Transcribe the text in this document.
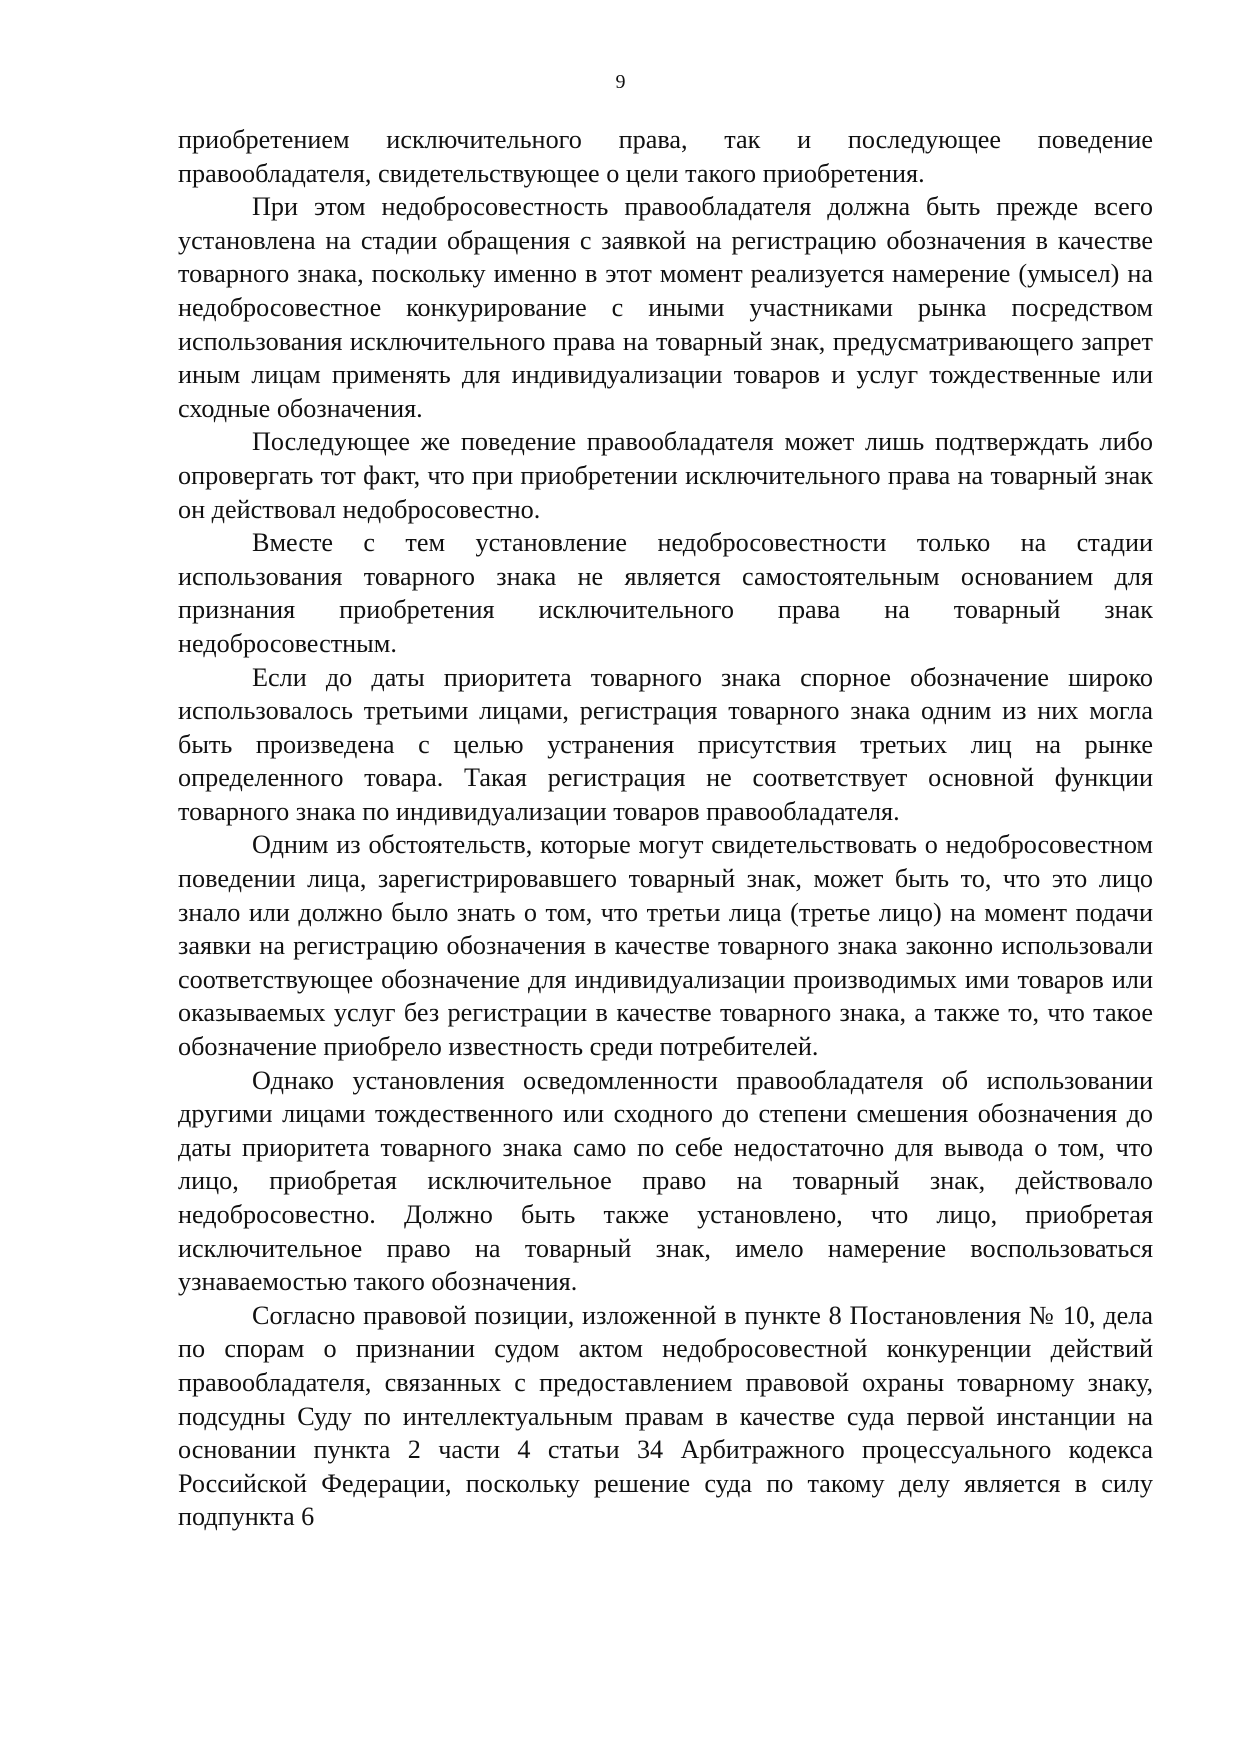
9

приобретением исключительного права, так и последующее поведение правообладателя, свидетельствующее о цели такого приобретения.

При этом недобросовестность правообладателя должна быть прежде всего установлена на стадии обращения с заявкой на регистрацию обозначения в качестве товарного знака, поскольку именно в этот момент реализуется намерение (умысел) на недобросовестное конкурирование с иными участниками рынка посредством использования исключительного права на товарный знак, предусматривающего запрет иным лицам применять для индивидуализации товаров и услуг тождественные или сходные обозначения.

Последующее же поведение правообладателя может лишь подтверждать либо опровергать тот факт, что при приобретении исключительного права на товарный знак он действовал недобросовестно.

Вместе с тем установление недобросовестности только на стадии использования товарного знака не является самостоятельным основанием для признания приобретения исключительного права на товарный знак недобросовестным.

Если до даты приоритета товарного знака спорное обозначение широко использовалось третьими лицами, регистрация товарного знака одним из них могла быть произведена с целью устранения присутствия третьих лиц на рынке определенного товара. Такая регистрация не соответствует основной функции товарного знака по индивидуализации товаров правообладателя.

Одним из обстоятельств, которые могут свидетельствовать о недобросовестном поведении лица, зарегистрировавшего товарный знак, может быть то, что это лицо знало или должно было знать о том, что третьи лица (третье лицо) на момент подачи заявки на регистрацию обозначения в качестве товарного знака законно использовали соответствующее обозначение для индивидуализации производимых ими товаров или оказываемых услуг без регистрации в качестве товарного знака, а также то, что такое обозначение приобрело известность среди потребителей.

Однако установления осведомленности правообладателя об использовании другими лицами тождественного или сходного до степени смешения обозначения до даты приоритета товарного знака само по себе недостаточно для вывода о том, что лицо, приобретая исключительное право на товарный знак, действовало недобросовестно. Должно быть также установлено, что лицо, приобретая исключительное право на товарный знак, имело намерение воспользоваться узнаваемостью такого обозначения.

Согласно правовой позиции, изложенной в пункте 8 Постановления № 10, дела по спорам о признании судом актом недобросовестной конкуренции действий правообладателя, связанных с предоставлением правовой охраны товарному знаку, подсудны Суду по интеллектуальным правам в качестве суда первой инстанции на основании пункта 2 части 4 статьи 34 Арбитражного процессуального кодекса Российской Федерации, поскольку решение суда по такому делу является в силу подпункта 6
